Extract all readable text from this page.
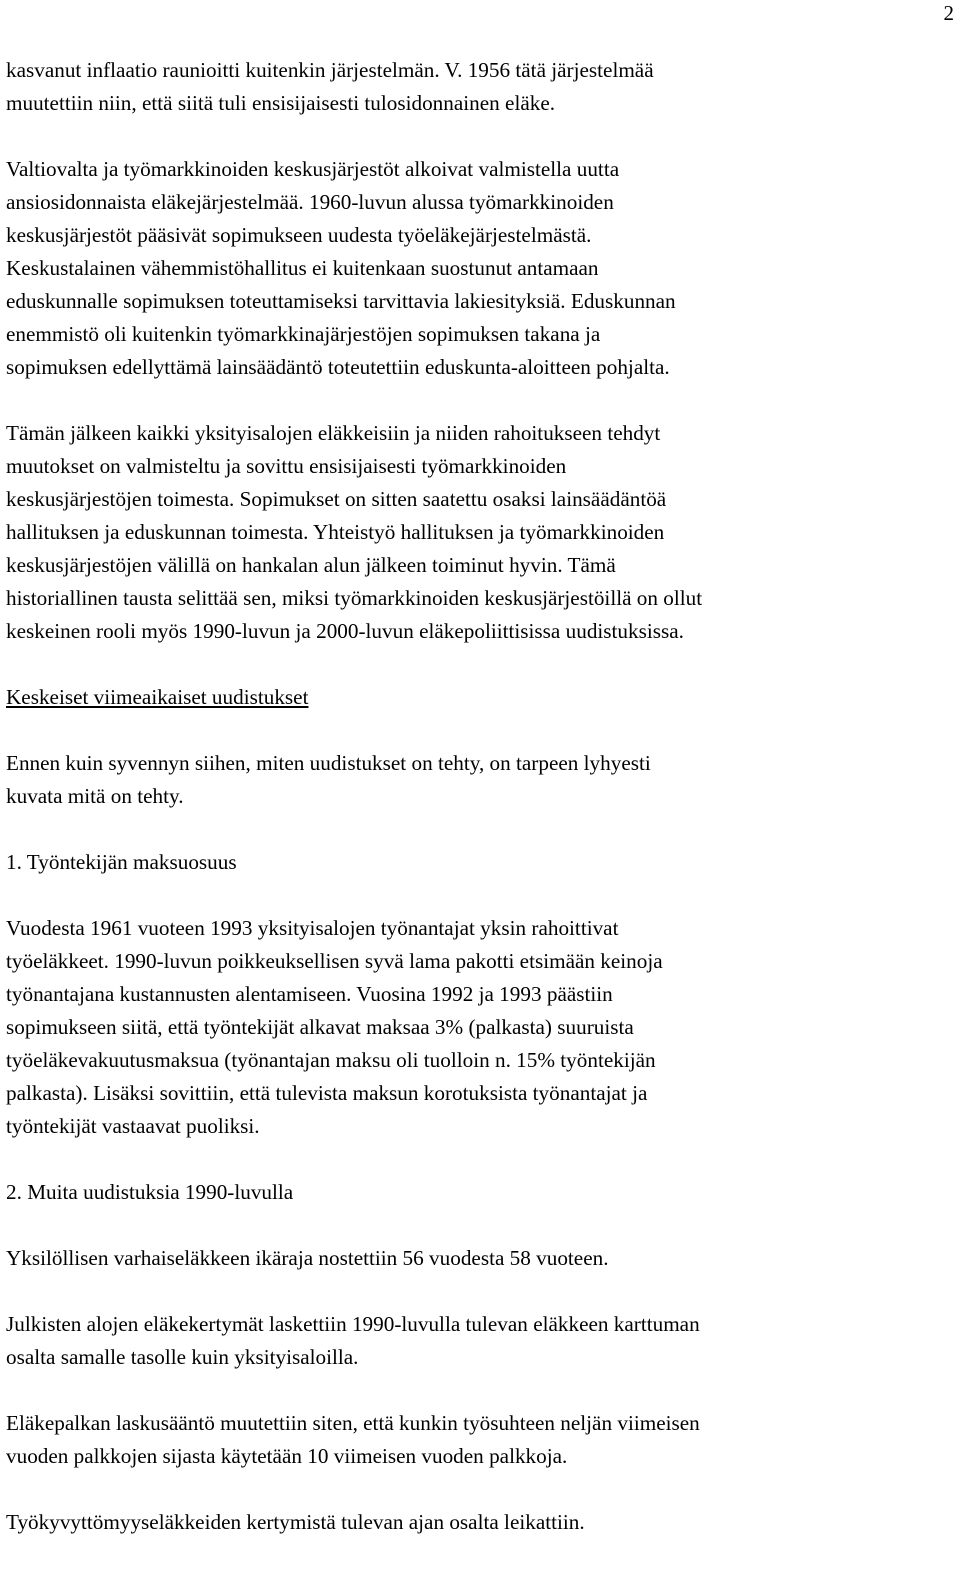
2
kasvanut inflaatio raunioitti kuitenkin järjestelmän. V. 1956 tätä järjestelmää
muutettiin niin, että siitä tuli ensisijaisesti tulosidonnainen eläke.
Valtiovalta ja työmarkkinoiden keskusjärjestöt alkoivat valmistella uutta
ansiosidonnaista eläkejärjestelmää. 1960-luvun alussa työmarkkinoiden
keskusjärjestöt pääsivät sopimukseen uudesta työeläkejärjestelmästä.
Keskustalainen vähemmistöhallitus ei kuitenkaan suostunut antamaan
eduskunnalle sopimuksen toteuttamiseksi tarvittavia lakiesityksiä. Eduskunnan
enemmistö oli kuitenkin työmarkkinajärjestöjen sopimuksen takana ja
sopimuksen edellyttämä lainsäädäntö toteutettiin eduskunta-aloitteen pohjalta.
Tämän jälkeen kaikki yksityisalojen eläkkeisiin ja niiden rahoitukseen tehdyt
muutokset on valmisteltu ja sovittu ensisijaisesti työmarkkinoiden
keskusjärjestöjen toimesta. Sopimukset on sitten saatettu osaksi lainsäädäntöä
hallituksen ja eduskunnan toimesta. Yhteistyö hallituksen ja työmarkkinoiden
keskusjärjestöjen välillä on hankalan alun jälkeen toiminut hyvin. Tämä
historiallinen tausta selittää sen, miksi työmarkkinoiden keskusjärjestöillä on ollut
keskeinen rooli myös 1990-luvun ja 2000-luvun eläkepoliittisissa uudistuksissa.
Keskeiset viimeaikaiset uudistukset
Ennen kuin syvennyn siihen, miten uudistukset on tehty, on tarpeen lyhyesti
kuvata mitä on tehty.
1. Työntekijän maksuosuus
Vuodesta 1961 vuoteen 1993 yksityisalojen työnantajat yksin rahoittivat
työeläkkeet. 1990-luvun poikkeuksellisen syvä lama pakotti etsimään keinoja
työnantajana kustannusten alentamiseen. Vuosina 1992 ja 1993 päästiin
sopimukseen siitä, että työntekijät alkavat maksaa 3% (palkasta) suuruista
työeläkevakuutusmaksua (työnantajan maksu oli tuolloin n. 15% työntekijän
palkasta). Lisäksi sovittiin, että tulevista maksun korotuksista työnantajat ja
työntekijät vastaavat puoliksi.
2. Muita uudistuksia 1990-luvulla
Yksilöllisen varhaiseläkkeen ikäraja nostettiin 56 vuodesta 58 vuoteen.
Julkisten alojen eläkekertymät laskettiin 1990-luvulla tulevan eläkkeen karttuman
osalta samalle tasolle kuin yksityisaloilla.
Eläkepalkan laskusääntö muutettiin siten, että kunkin työsuhteen neljän viimeisen
vuoden palkkojen sijasta käytetään 10 viimeisen vuoden palkkoja.
Työkyvyttömyyseläkkeiden kertymistä tulevan ajan osalta leikattiin.
